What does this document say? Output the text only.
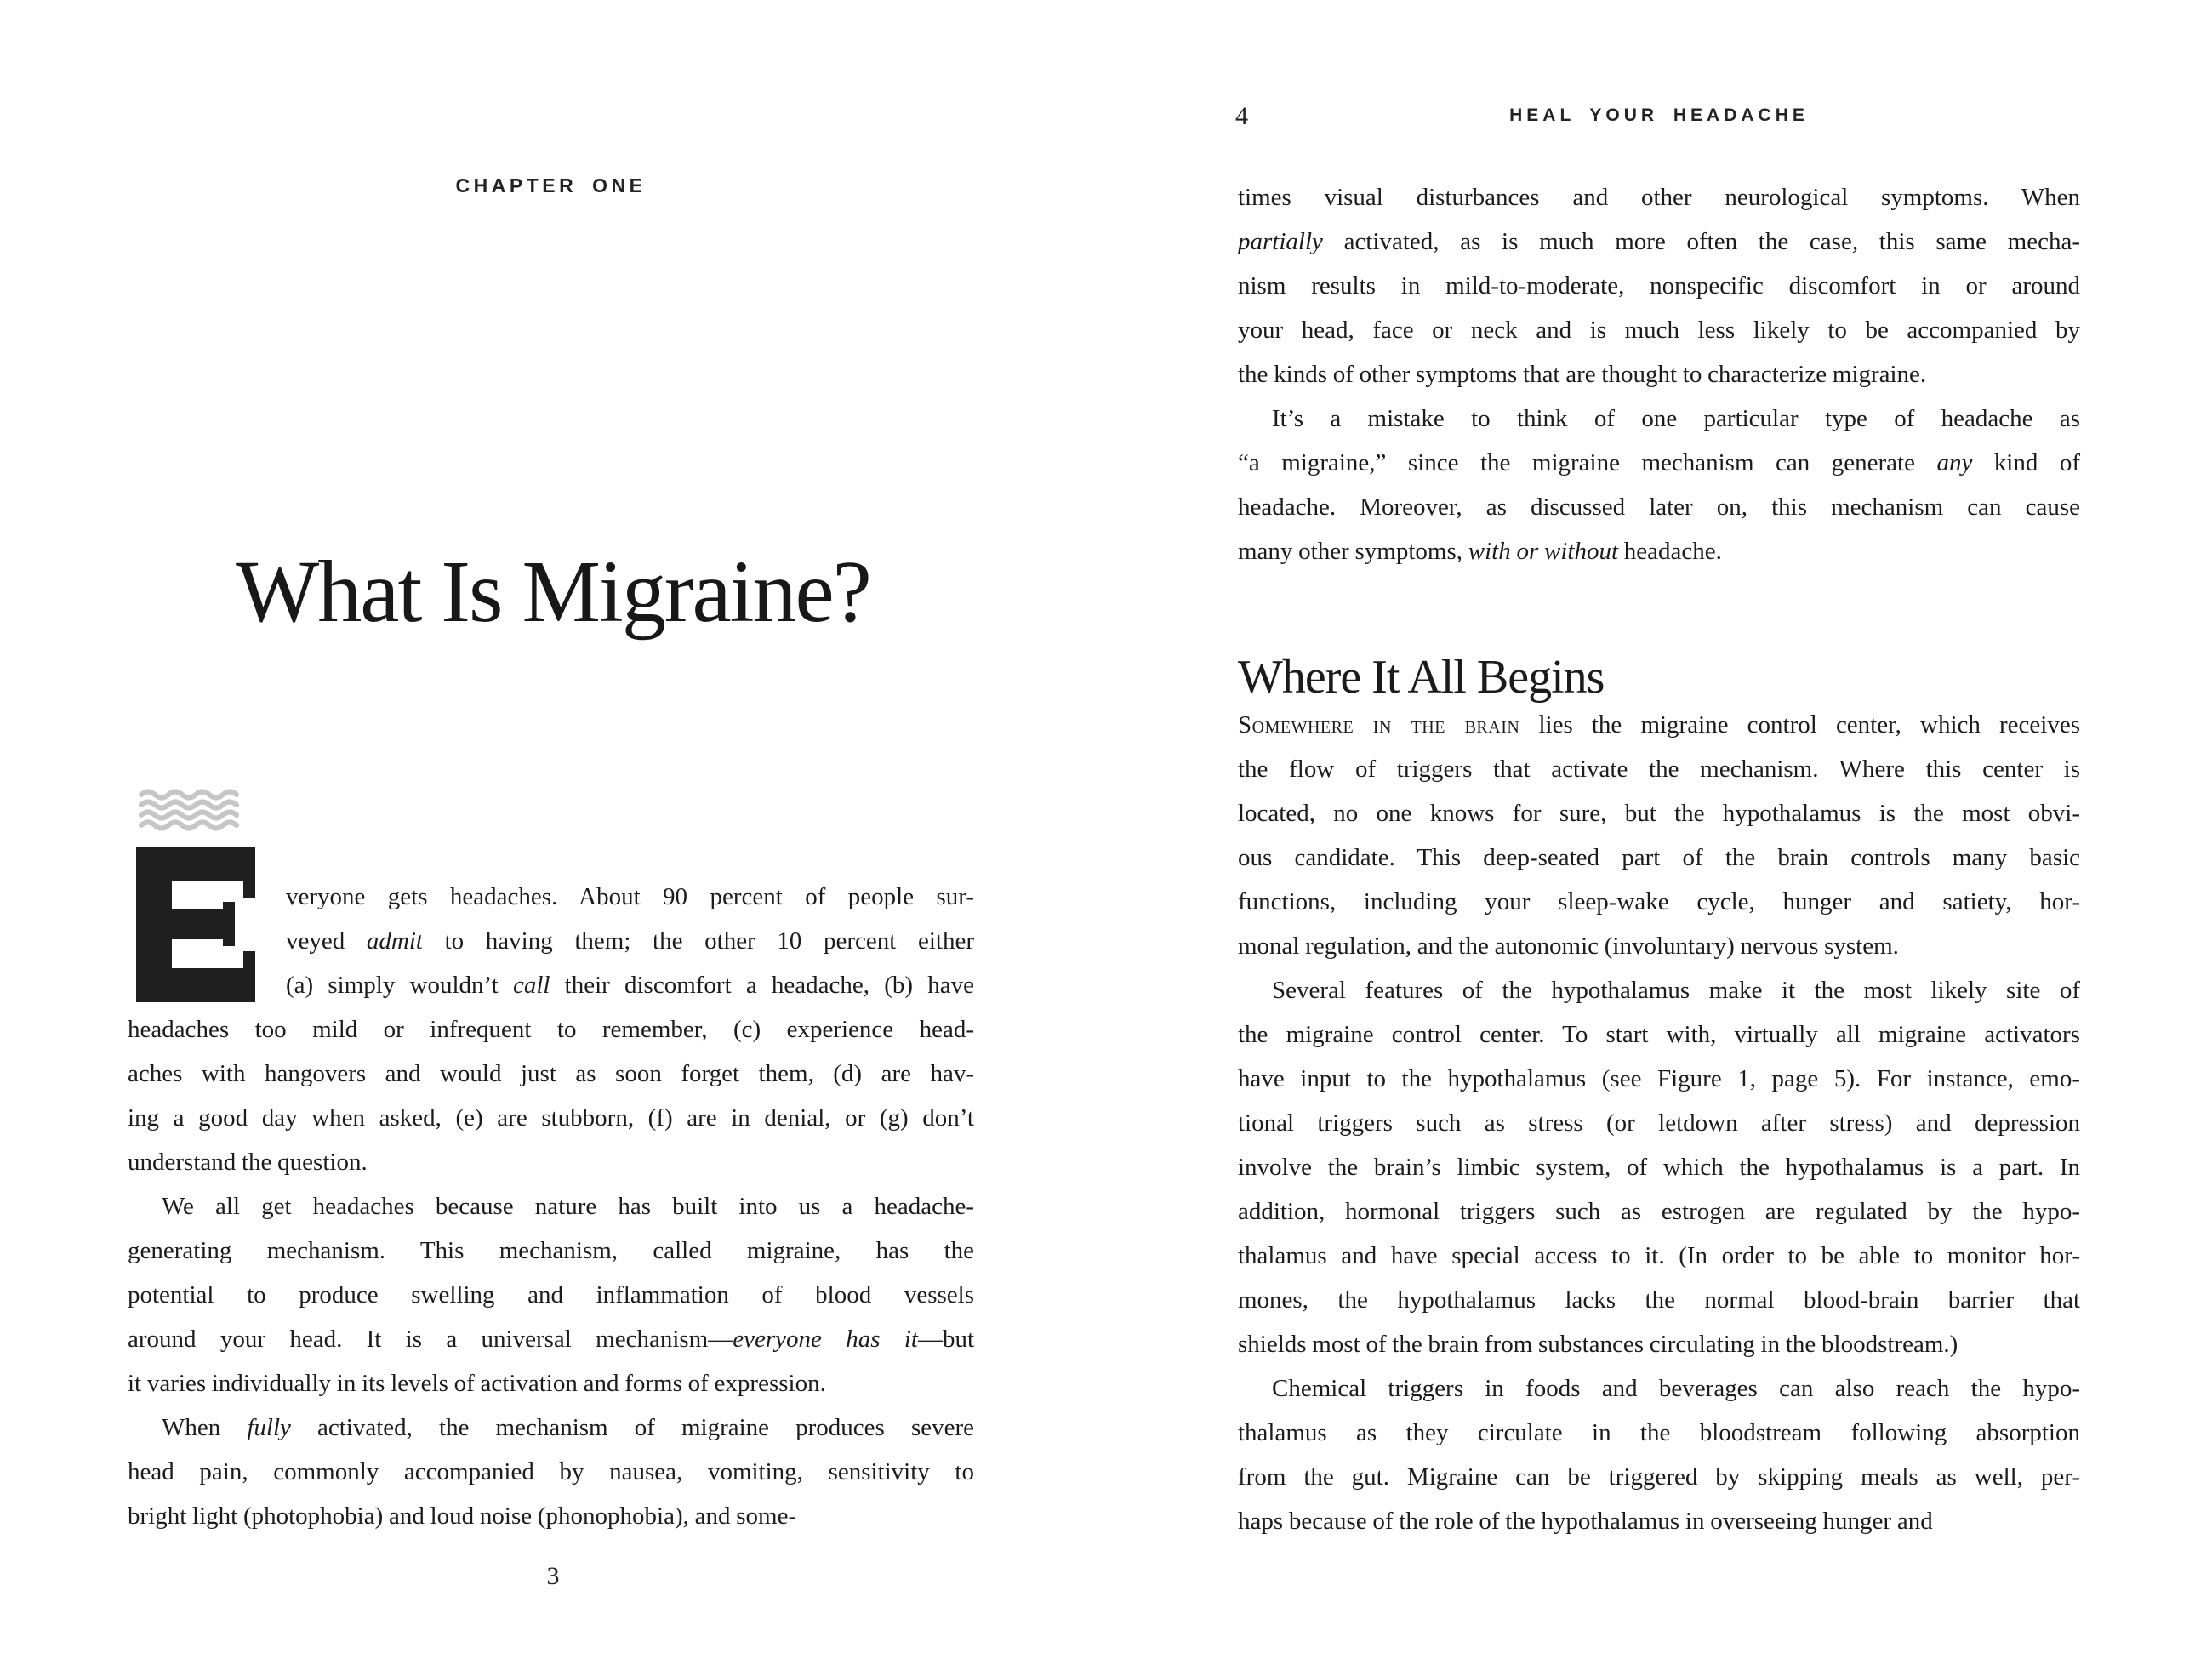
CHAPTER ONE
What Is Migraine?
veryone gets headaches. About 90 percent of people sur-
veyed admit to having them; the other 10 percent either
(a) simply wouldn’t call their discomfort a headache, (b) have
headaches too mild or infrequent to remember, (c) experience head-
aches with hangovers and would just as soon forget them, (d) are hav-
ing a good day when asked, (e) are stubborn, (f) are in denial, or (g) don’t
understand the question.
We all get headaches because nature has built into us a headache-
generating mechanism. This mechanism, called migraine, has the
potential to produce swelling and inflammation of blood vessels
around your head. It is a universal mechanism—everyone has it—but
it varies individually in its levels of activation and forms of expression.
When fully activated, the mechanism of migraine produces severe
head pain, commonly accompanied by nausea, vomiting, sensitivity to
bright light (photophobia) and loud noise (phonophobia), and some-
3
4	HEAL YOUR HEADACHE
times visual disturbances and other neurological symptoms. When
partially activated, as is much more often the case, this same mecha-
nism results in mild-to-moderate, nonspecific discomfort in or around
your head, face or neck and is much less likely to be accompanied by
the kinds of other symptoms that are thought to characterize migraine.
It’s a mistake to think of one particular type of headache as
“a migraine,” since the migraine mechanism can generate any kind of
headache. Moreover, as discussed later on, this mechanism can cause
many other symptoms, with or without headache.
Where It All Begins
Somewhere in the brain lies the migraine control center, which receives
the flow of triggers that activate the mechanism. Where this center is
located, no one knows for sure, but the hypothalamus is the most obvi-
ous candidate. This deep-seated part of the brain controls many basic
functions, including your sleep-wake cycle, hunger and satiety, hor-
monal regulation, and the autonomic (involuntary) nervous system.
Several features of the hypothalamus make it the most likely site of
the migraine control center. To start with, virtually all migraine activators
have input to the hypothalamus (see Figure 1, page 5). For instance, emo-
tional triggers such as stress (or letdown after stress) and depression
involve the brain’s limbic system, of which the hypothalamus is a part. In
addition, hormonal triggers such as estrogen are regulated by the hypo-
thalamus and have special access to it. (In order to be able to monitor hor-
mones, the hypothalamus lacks the normal blood-brain barrier that
shields most of the brain from substances circulating in the bloodstream.)
Chemical triggers in foods and beverages can also reach the hypo-
thalamus as they circulate in the bloodstream following absorption
from the gut. Migraine can be triggered by skipping meals as well, per-
haps because of the role of the hypothalamus in overseeing hunger and
